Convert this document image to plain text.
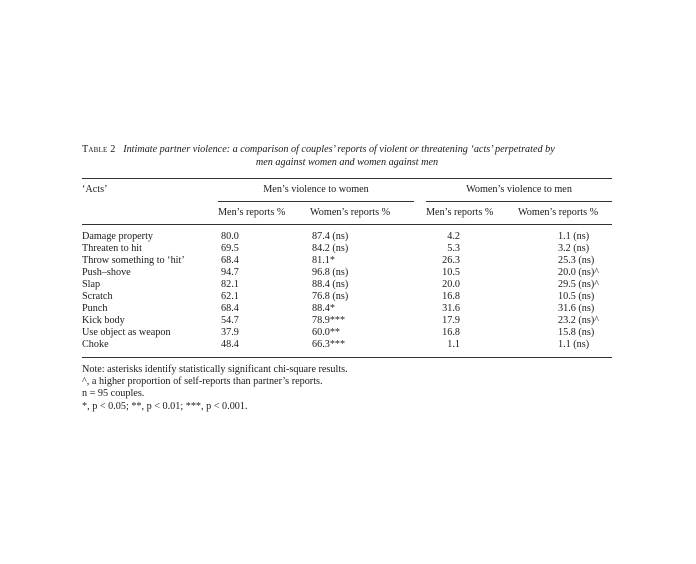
Table 2 Intimate partner violence: a comparison of couples’ reports of violent or threatening ‘acts’ perpetrated by
men against women and women against men
‘Acts’	Men’s violence to women		Women’s violence to men	

	Men’s reports %	Women’s reports %	Men’s reports %	Women’s reports %

Damage property	80.0	87.4 (ns)	4.2	1.1 (ns)
Threaten to hit	69.5	84.2 (ns)	5.3	3.2 (ns)
Throw something to ‘hit’	68.4	81.1*	26.3	25.3 (ns)
Push–shove	94.7	96.8 (ns)	10.5	20.0 (ns)^
Slap	82.1	88.4 (ns)	20.0	29.5 (ns)^
Scratch	62.1	76.8 (ns)	16.8	10.5 (ns)
Punch	68.4	88.4*	31.6	31.6 (ns)
Kick body	54.7	78.9***	17.9	23.2 (ns)^
Use object as weapon	37.9	60.0**	16.8	15.8 (ns)
Choke	48.4	66.3***	1.1	1.1 (ns)
Note: asterisks identify statistically significant chi-square results.
^, a higher proportion of self-reports than partner’s reports.
n = 95 couples.
*, p < 0.05; **, p < 0.01; ***, p < 0.001.
